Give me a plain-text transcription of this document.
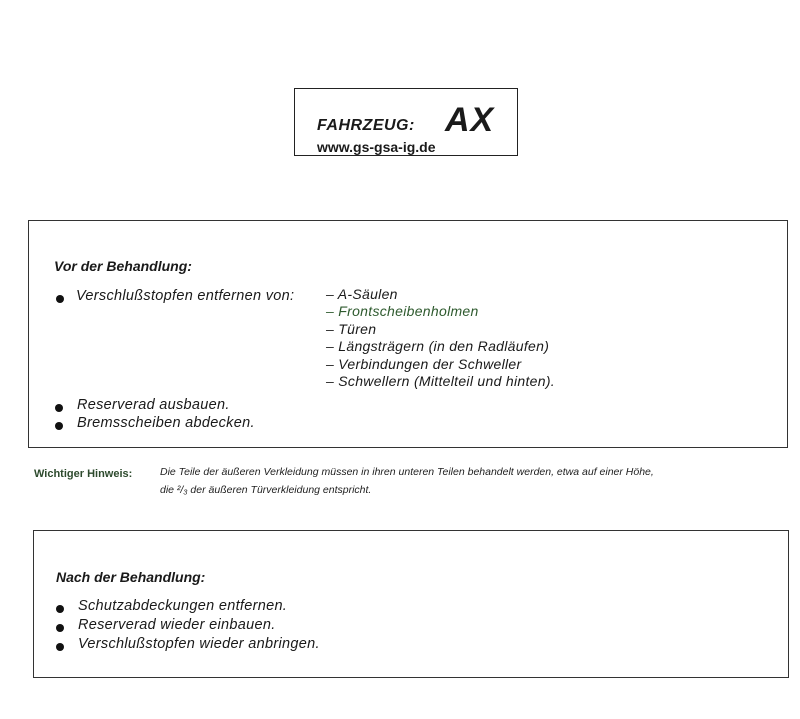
FAHRZEUG: AX
www.gs-gsa-ig.de
Vor der Behandlung:
Verschlußstopfen entfernen von: – A-Säulen
– Frontscheibenholmen
– Türen
– Längsträgern (in den Radläufen)
– Verbindungen der Schweller
– Schwellern (Mittelteil und hinten).
Reserverad ausbauen.
Bremsscheiben abdecken.
Wichtiger Hinweis:	Die Teile der äußeren Verkleidung müssen in ihren unteren Teilen behandelt werden, etwa auf einer Höhe,
die ²/₃ der äußeren Türverkleidung entspricht.
Nach der Behandlung:
Schutzabdeckungen entfernen.
Reserverad wieder einbauen.
Verschlußstopfen wieder anbringen.
